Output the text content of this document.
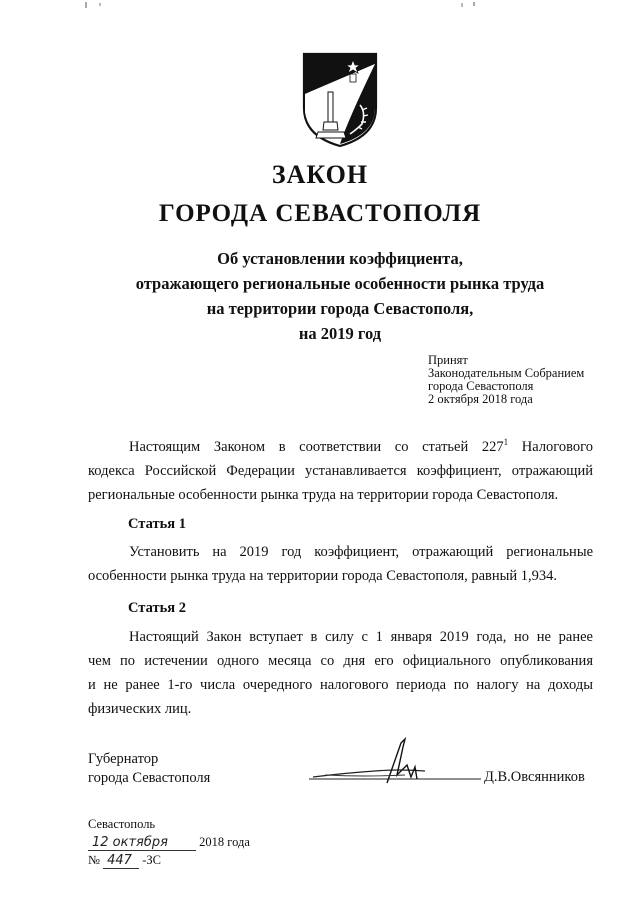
ЗАКОН
ГОРОДА СЕВАСТОПОЛЯ
Об установлении коэффициента,
отражающего региональные особенности рынка труда
на территории города Севастополя,
на 2019 год
Принят
Законодательным Собранием
города Севастополя
2 октября 2018 года
Настоящим Законом в соответствии со статьей $227^1$ Налогового
кодекса Российской Федерации устанавливается коэффициент, отражающий
региональные особенности рынка труда на территории города Севастополя.
Статья 1
Установить на 2019 год коэффициент, отражающий региональные
особенности рынка труда на территории города Севастополя, равный 1,934.
Статья 2
Настоящий Закон вступает в силу с 1 января 2019 года, но не ранее
чем по истечении одного месяца со дня его официального опубликования
и не ранее 1-го числа очередного налогового периода по налогу на доходы
физических лиц.
Губернатор
города Севастополя	Д.В.Овсянников
Севастополь
12 октября 2018 года
№ 447 -ЗС
